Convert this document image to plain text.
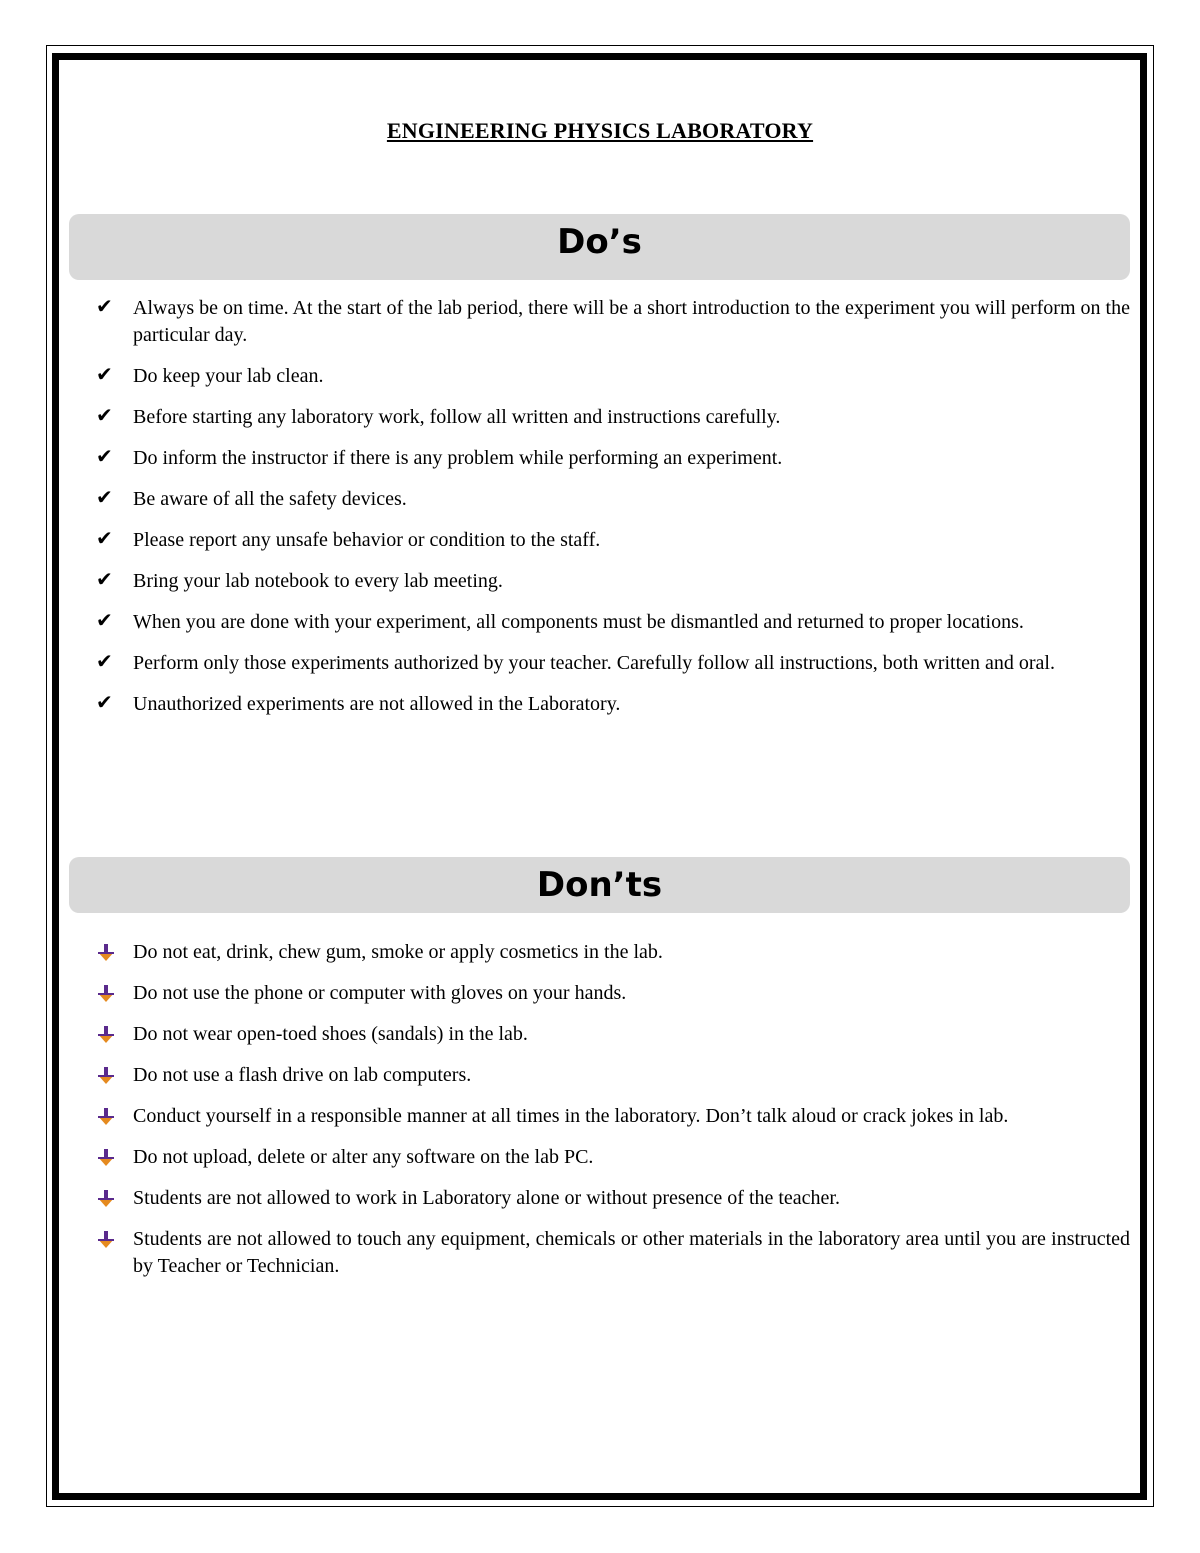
ENGINEERING PHYSICS LABORATORY
Do’s
✔ Always be on time. At the start of the lab period, there will be a short introduction to the experiment you will perform on the particular day.
✔ Do keep your lab clean.
✔ Before starting any laboratory work, follow all written and instructions carefully.
✔ Do inform the instructor if there is any problem while performing an experiment.
✔ Be aware of all the safety devices.
✔ Please report any unsafe behavior or condition to the staff.
✔ Bring your lab notebook to every lab meeting.
✔ When you are done with your experiment, all components must be dismantled and returned to proper locations.
✔ Perform only those experiments authorized by your teacher. Carefully follow all instructions, both written and oral.
✔ Unauthorized experiments are not allowed in the Laboratory.
Don’ts
Do not eat, drink, chew gum, smoke or apply cosmetics in the lab.
Do not use the phone or computer with gloves on your hands.
Do not wear open-toed shoes (sandals) in the lab.
Do not use a flash drive on lab computers.
Conduct yourself in a responsible manner at all times in the laboratory. Don’t talk aloud or crack jokes in lab.
Do not upload, delete or alter any software on the lab PC.
Students are not allowed to work in Laboratory alone or without presence of the teacher.
Students are not allowed to touch any equipment, chemicals or other materials in the laboratory area until you are instructed by Teacher or Technician.
